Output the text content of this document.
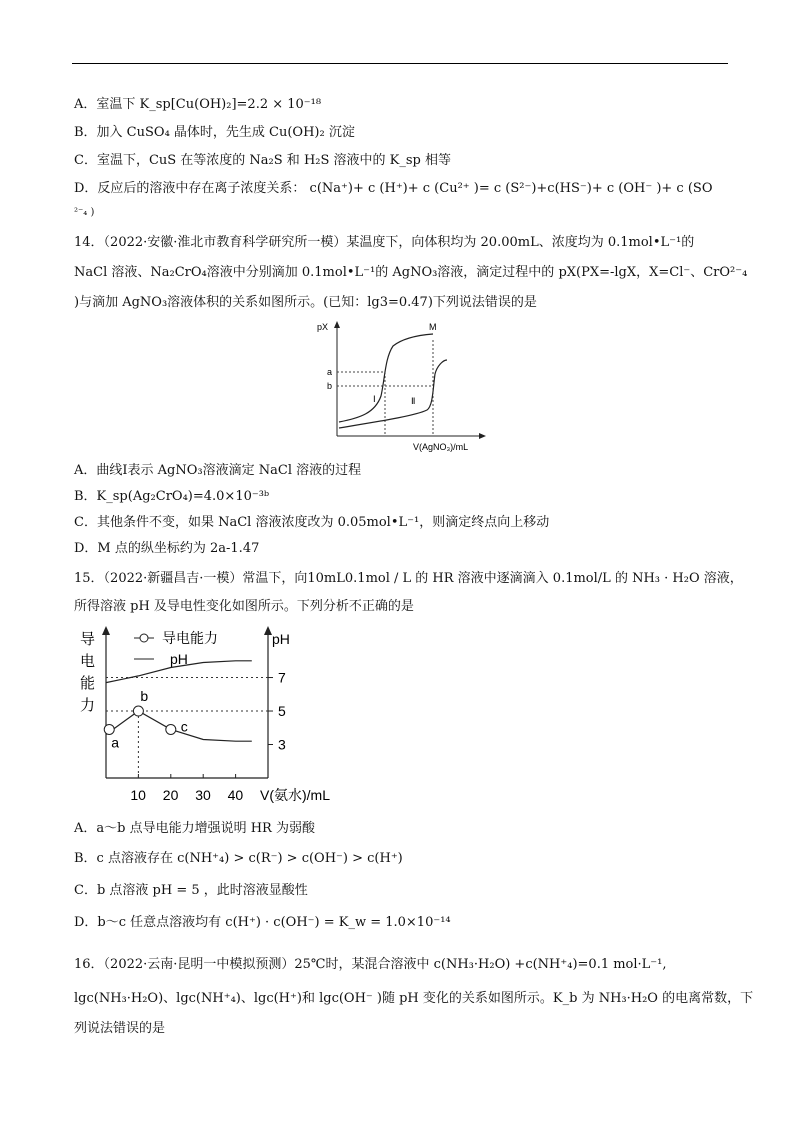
A．室温下 K_sp[Cu(OH)₂]=2.2 × 10⁻¹⁸
B．加入 CuSO₄ 晶体时，先生成 Cu(OH)₂ 沉淀
C．室温下，CuS 在等浓度的 Na₂S 和 H₂S 溶液中的 K_sp 相等
D．反应后的溶液中存在离子浓度关系： c(Na⁺)+ c (H⁺)+ c (Cu²⁺ )= c (S²⁻)+c(HS⁻)+ c (OH⁻ )+ c (SO
²⁻₄ )
14．（2022·安徽·淮北市教育科学研究所一模）某温度下，向体积均为 20.00mL、浓度均为 0.1mol•L⁻¹的
NaCl 溶液、Na₂CrO₄溶液中分别滴加 0.1mol•L⁻¹的 AgNO₃溶液，滴定过程中的 pX(PX=-lgX，X=Cl⁻、CrO²⁻₄
)与滴加 AgNO₃溶液体积的关系如图所示。(已知：lg3=0.47)下列说法错误的是
pX
a
b
M
Ⅰ	Ⅱ
V(AgNO₃)/mL
A．曲线Ⅰ表示 AgNO₃溶液滴定 NaCl 溶液的过程
B．K_sp(Ag₂CrO₄)=4.0×10⁻³ᵇ
C．其他条件不变，如果 NaCl 溶液浓度改为 0.05mol•L⁻¹，则滴定终点向上移动
D．M 点的纵坐标约为 2a-1.47
15．（2022·新疆昌吉·一模）常温下，向10mL0.1mol / L 的 HR 溶液中逐滴滴入 0.1mol/L 的 NH₃ · H₂O 溶液，
所得溶液 pH 及导电性变化如图所示。下列分析不正确的是
导电能力
导电能力
pH
pH
7
5
3
10 20 30 40
a
b
c
V(氨水)/mL
A．a～b 点导电能力增强说明 HR 为弱酸
B．c 点溶液存在 c(NH⁺₄) > c(R⁻) > c(OH⁻) > c(H⁺)
C．b 点溶液 pH = 5 ，此时溶液显酸性
D．b～c 任意点溶液均有 c(H⁺) · c(OH⁻) = K_w = 1.0×10⁻¹⁴
16．（2022·云南·昆明一中模拟预测）25℃时，某混合溶液中 c(NH₃·H₂O) +c(NH⁺₄)=0.1 mol·L⁻¹,
lgc(NH₃·H₂O)、lgc(NH⁺₄)、lgc(H⁺)和 lgc(OH⁻ )随 pH 变化的关系如图所示。K_b 为 NH₃·H₂O 的电离常数，下
列说法错误的是
